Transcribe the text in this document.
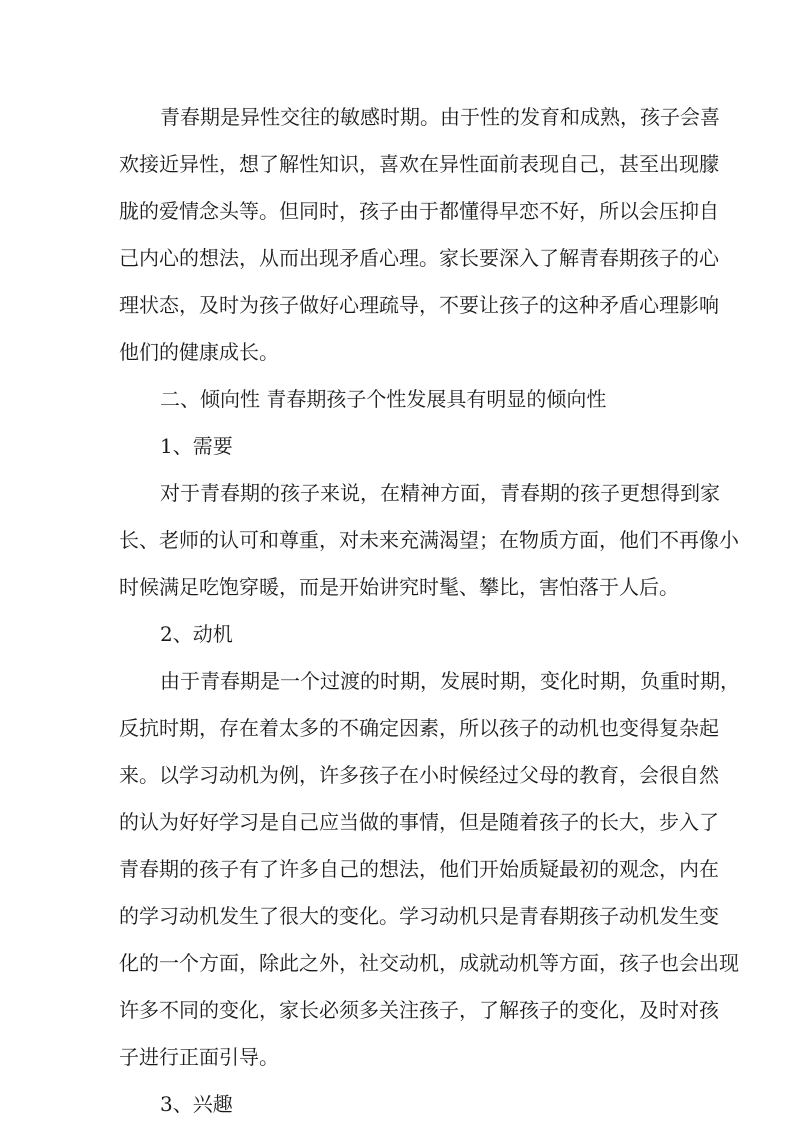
青春期是异性交往的敏感时期。由于性的发育和成熟，孩子会喜
欢接近异性，想了解性知识，喜欢在异性面前表现自己，甚至出现朦
胧的爱情念头等。但同时，孩子由于都懂得早恋不好，所以会压抑自
己内心的想法，从而出现矛盾心理。家长要深入了解青春期孩子的心
理状态，及时为孩子做好心理疏导，不要让孩子的这种矛盾心理影响
他们的健康成长。
二、倾向性 青春期孩子个性发展具有明显的倾向性
1、需要
对于青春期的孩子来说，在精神方面，青春期的孩子更想得到家
长、老师的认可和尊重，对未来充满渴望；在物质方面，他们不再像小
时候满足吃饱穿暖，而是开始讲究时髦、攀比，害怕落于人后。
2、动机
由于青春期是一个过渡的时期，发展时期，变化时期，负重时期，
反抗时期，存在着太多的不确定因素，所以孩子的动机也变得复杂起
来。以学习动机为例，许多孩子在小时候经过父母的教育，会很自然
的认为好好学习是自己应当做的事情，但是随着孩子的长大，步入了
青春期的孩子有了许多自己的想法，他们开始质疑最初的观念，内在
的学习动机发生了很大的变化。学习动机只是青春期孩子动机发生变
化的一个方面，除此之外，社交动机，成就动机等方面，孩子也会出现
许多不同的变化，家长必须多关注孩子，了解孩子的变化，及时对孩
子进行正面引导。
3、兴趣
